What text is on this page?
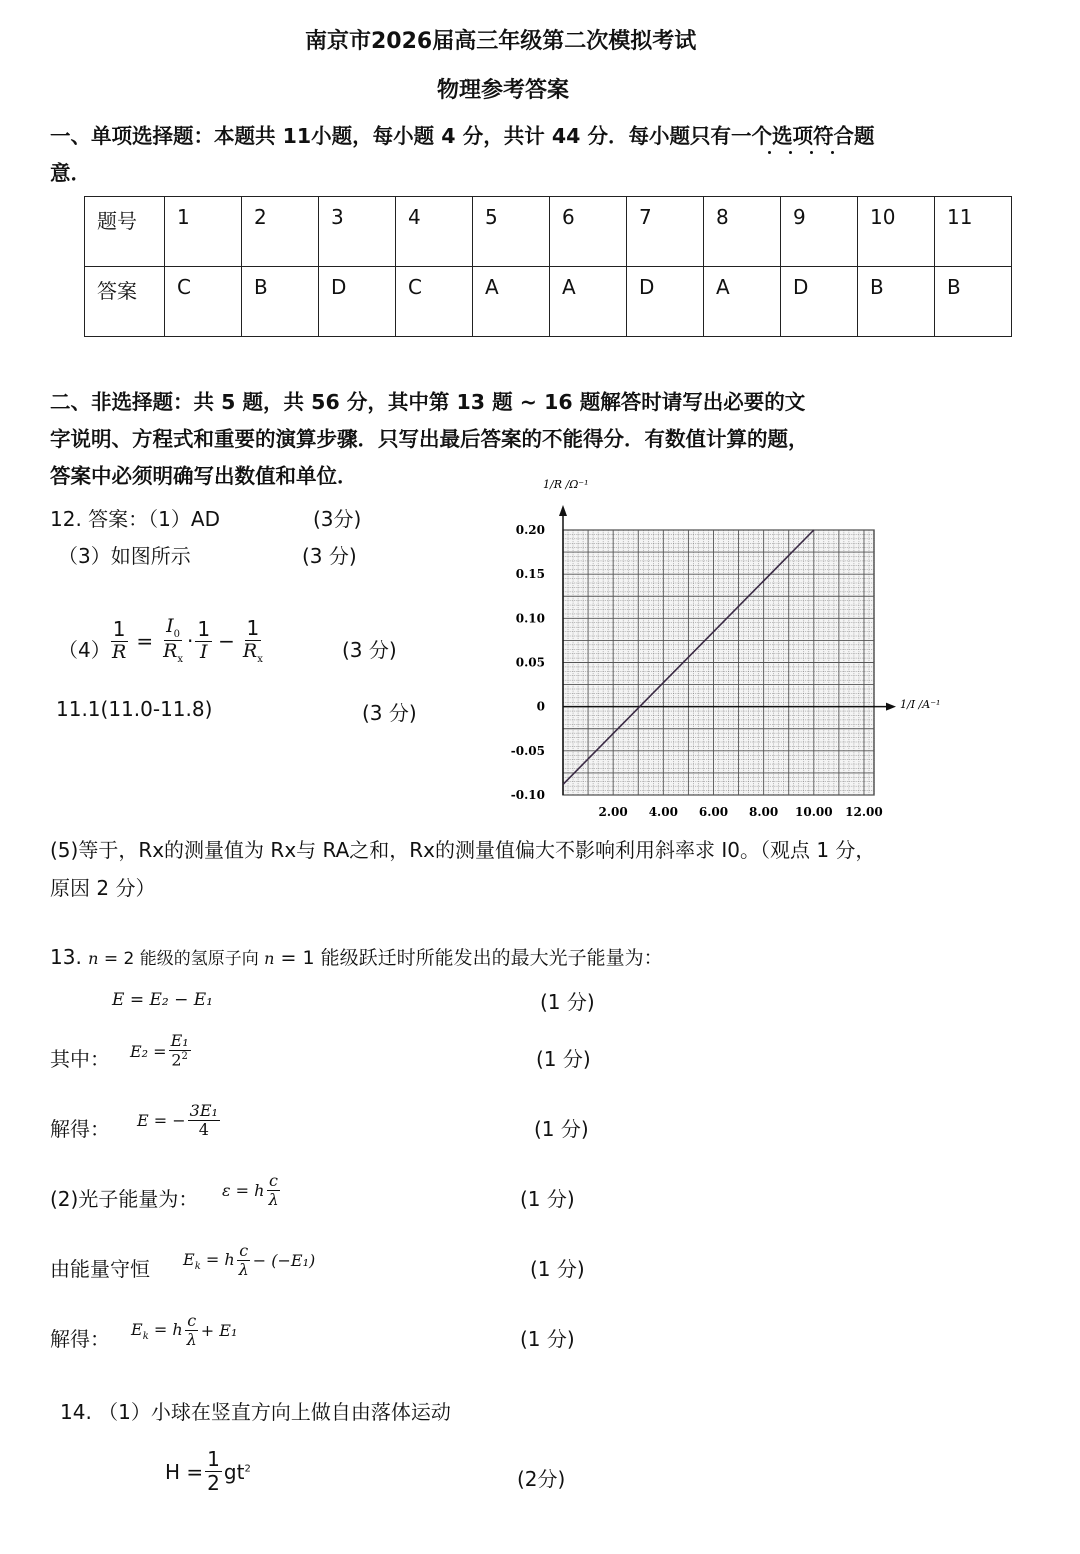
南京市2026届高三年级第二次模拟考试
物理参考答案
一、单项选择题：本题共 11小题，每小题 4 分，共计 44 分．每小题只有一个选项符合题
意．
题号	1	2	3	4	5	6	7	8	9	10	11
答案	C	B	D	C	A	A	D	A	D	B	B
二、非选择题：共 5 题，共 56 分，其中第 13 题 ~ 16 题解答时请写出必要的文
字说明、方程式和重要的演算步骤．只写出最后答案的不能得分．有数值计算的题，
答案中必须明确写出数值和单位．
12. 答案：（1）AD	(3分)
（3）如图所示	(3 分)
$(4) \frac{1}{R} = \frac{I_0}{R_x} \cdot \frac{1}{I} - \frac{1}{R_x}$	(3 分)
11.1(11.0-11.8)	(3 分)
2.00 4.00 6.00 8.00 10.00 12.00
0.20
0.15
0.10
0.05
0
-0.05
-0.10
1/R /Ω⁻¹
1/I /A⁻¹
(5)等于，Rx的测量值为 Rx与 RA之和，Rx的测量值偏大不影响利用斜率求 I0。（观点 1 分，
原因 2 分）
13. n = 2 能级的氢原子向 n = 1 能级跃迁时所能发出的最大光子能量为：
E = E₂ − E₁	(1 分)
其中： $E_2 = \frac{\text{E₁}}{2^2}$	(1 分)
解得： E = − $\frac{\text{3E₁}}{4}$	(1 分)
(2)光子能量为： ε = h $\frac{c}{\lambda}$	(1 分)
由能量守恒 $E_k = h \frac{c}{\lambda} - (-E_1)$	(1 分)
解得： $E_k = h \frac{c}{\lambda} + E_1$	(1 分)
14. （1）小球在竖直方向上做自由落体运动
$H = \frac{1}{2} gt^2$	(2分)
